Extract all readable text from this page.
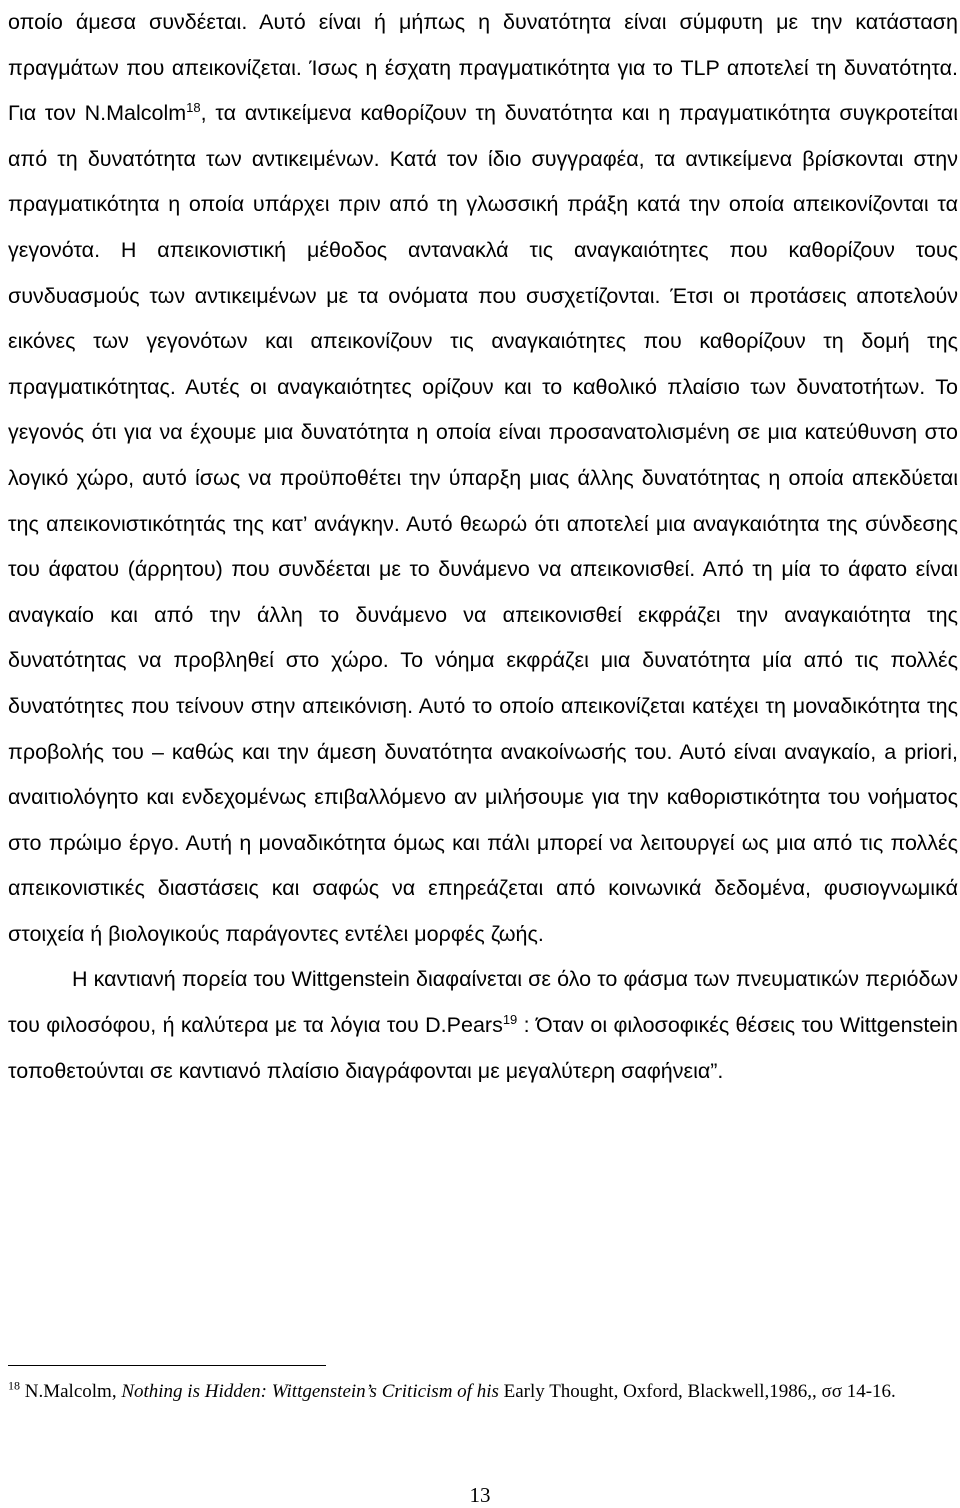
οποίο άμεσα συνδέεται. Αυτό είναι ή μήπως η δυνατότητα είναι σύμφυτη με την κατάσταση πραγμάτων που απεικονίζεται. Ίσως η έσχατη πραγματικότητα για το TLP αποτελεί τη δυνατότητα. Για τον N.Malcolm$^{18}$, τα αντικείμενα καθορίζουν τη δυνατότητα και η πραγματικότητα συγκροτείται από τη δυνατότητα των αντικειμένων. Κατά τον ίδιο συγγραφέα, τα αντικείμενα βρίσκονται στην πραγματικότητα η οποία υπάρχει πριν από τη γλωσσική πράξη κατά την οποία απεικονίζονται τα γεγονότα. Η απεικονιστική μέθοδος αντανακλά τις αναγκαιότητες που καθορίζουν τους συνδυασμούς των αντικειμένων με τα ονόματα που συσχετίζονται. Έτσι οι προτάσεις αποτελούν εικόνες των γεγονότων και απεικονίζουν τις αναγκαιότητες που καθορίζουν τη δομή της πραγματικότητας. Αυτές οι αναγκαιότητες ορίζουν και το καθολικό πλαίσιο των δυνατοτήτων. Το γεγονός ότι για να έχουμε μια δυνατότητα η οποία είναι προσανατολισμένη σε μια κατεύθυνση στο λογικό χώρο, αυτό ίσως να προϋποθέτει την ύπαρξη μιας άλλης δυνατότητας η οποία απεκδύεται της απεικονιστικότητάς της κατ’ ανάγκην. Αυτό θεωρώ ότι αποτελεί μια αναγκαιότητα της σύνδεσης του άφατου (άρρητου) που συνδέεται με το δυνάμενο να απεικονισθεί. Από τη μία το άφατο είναι αναγκαίο και από την άλλη το δυνάμενο να απεικονισθεί εκφράζει την αναγκαιότητα της δυνατότητας να προβληθεί στο χώρο. Το νόημα εκφράζει μια δυνατότητα μία από τις πολλές δυνατότητες που τείνουν στην απεικόνιση. Αυτό το οποίο απεικονίζεται κατέχει τη μοναδικότητα της προβολής του – καθώς και την άμεση δυνατότητα ανακοίνωσής του. Αυτό είναι αναγκαίο, a priori, αναιτιολόγητο και ενδεχομένως επιβαλλόμενο αν μιλήσουμε για την καθοριστικότητα του νοήματος στο πρώιμο έργο. Αυτή η μοναδικότητα όμως και πάλι μπορεί να λειτουργεί ως μια από τις πολλές απεικονιστικές διαστάσεις και σαφώς να επηρεάζεται από κοινωνικά δεδομένα, φυσιογνωμικά στοιχεία ή βιολογικούς παράγοντες εντέλει μορφές ζωής.

Η καντιανή πορεία του Wittgenstein διαφαίνεται σε όλο το φάσμα των πνευματικών περιόδων του φιλοσόφου, ή καλύτερα με τα λόγια του D.Pears$^{19}$ : Όταν οι φιλοσοφικές θέσεις του Wittgenstein τοποθετούνται σε καντιανό πλαίσιο διαγράφονται με μεγαλύτερη σαφήνεια”.

$^{18}$ N.Malcolm, Nothing is Hidden: Wittgenstein’s Criticism of his Early Thought, Oxford, Blackwell,1986,, σσ 14-16.
13
